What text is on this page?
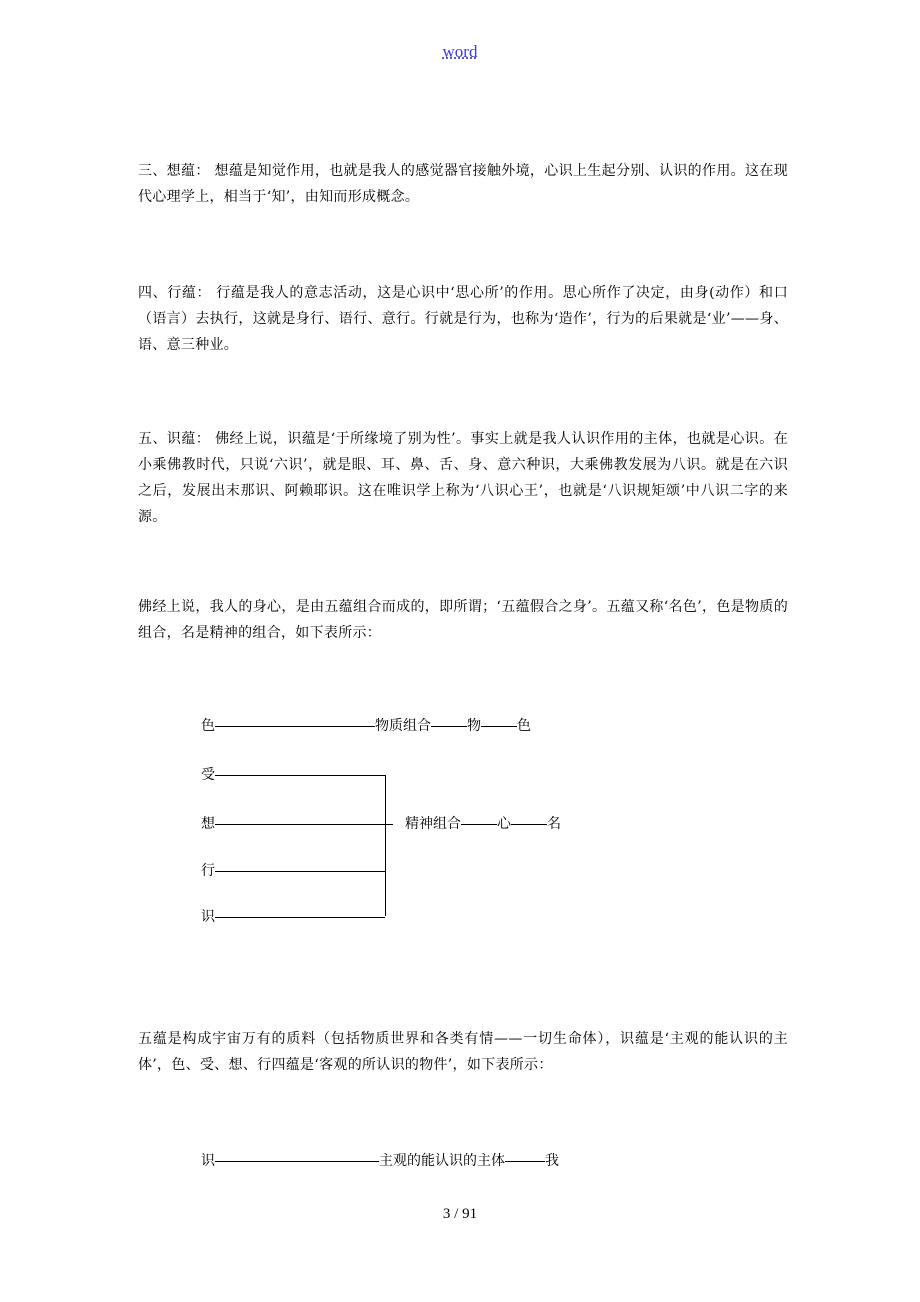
word

三、想蕴： 想蕴是知觉作用，也就是我人的感觉器官接触外境，心识上生起分别、认识的作用。这在现代心理学上，相当于‘知’，由知而形成概念。

四、行蕴： 行蕴是我人的意志活动，这是心识中‘思心所’的作用。思心所作了决定，由身(动作）和口（语言）去执行，这就是身行、语行、意行。行就是行为，也称为‘造作’，行为的后果就是‘业’——身、语、意三种业。

五、识蕴： 佛经上说，识蕴是‘于所缘境了别为性’。事实上就是我人认识作用的主体，也就是心识。在小乘佛教时代，只说‘六识’，就是眼、耳、鼻、舌、身、意六种识，大乘佛教发展为八识。就是在六识之后，发展出末那识、阿赖耶识。这在唯识学上称为‘八识心王’，也就是‘八识规矩颂’中八识二字的来源。

佛经上说，我人的身心，是由五蕴组合而成的，即所谓；‘五蕴假合之身’。五蕴又称‘名色’，色是物质的组合，名是精神的组合，如下表所示：

色	物质组合	物	色
受
想	精神组合	心	名
行
识

五蕴是构成宇宙万有的质料（包括物质世界和各类有情——一切生命体），识蕴是‘主观的能认识的主体’，色、受、想、行四蕴是‘客观的所认识的物件’，如下表所示：

识	主观的能认识的主体	我
3 / 91
